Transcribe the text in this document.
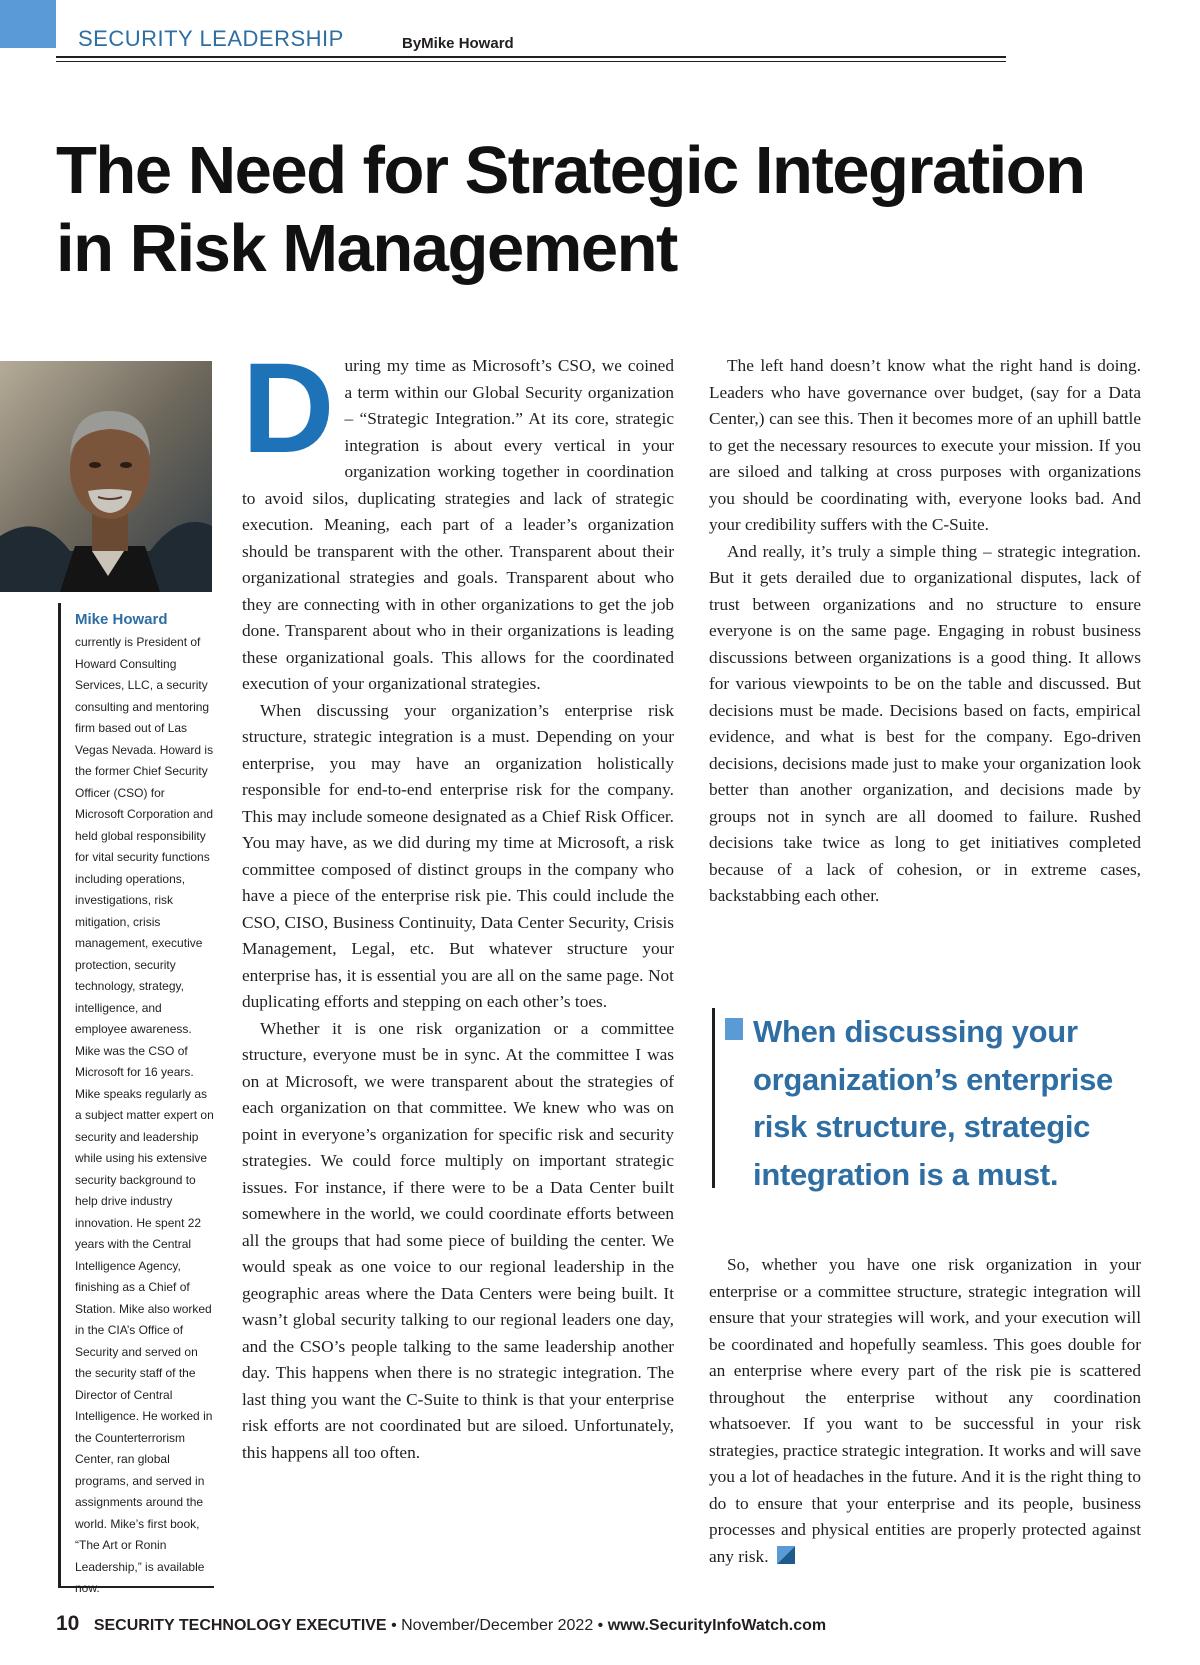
SECURITY LEADERSHIP	ByMike Howard
The Need for Strategic Integration
in Risk Management
Mike Howard
currently is President of Howard Consulting Services, LLC, a security consulting and mentoring firm based out of Las Vegas Nevada. Howard is the former Chief Security Officer (CSO) for Microsoft Corporation and held global responsibility for vital security functions including operations, investigations, risk mitigation, crisis management, executive protection, security technology, strategy, intelligence, and employee awareness. Mike was the CSO of Microsoft for 16 years. Mike speaks regularly as a subject matter expert on security and leadership while using his extensive security background to help drive industry innovation. He spent 22 years with the Central Intelligence Agency, finishing as a Chief of Station. Mike also worked in the CIA’s Office of Security and served on the security staff of the Director of Central Intelligence. He worked in the Counterterrorism Center, ran global programs, and served in assignments around the world. Mike’s first book, “The Art or Ronin Leadership,” is available now.

During my time as Microsoft’s CSO, we coined a term within our Global Security organization – “Strategic Integration.” At its core, strategic integration is about every vertical in your organization working together in coordination to avoid silos, duplicating strategies and lack of strategic execution. Meaning, each part of a leader’s organization should be transparent with the other. Transparent about their organizational strategies and goals. Transparent about who they are connecting with in other organizations to get the job done. Transparent about who in their organizations is leading these organizational goals. This allows for the coordinated execution of your organizational strategies.

When discussing your organization’s enterprise risk structure, strategic integration is a must. Depending on your enterprise, you may have an organization holistically responsible for end-to-end enterprise risk for the company. This may include someone designated as a Chief Risk Officer. You may have, as we did during my time at Microsoft, a risk committee composed of distinct groups in the company who have a piece of the enterprise risk pie. This could include the CSO, CISO, Business Continuity, Data Center Security, Crisis Management, Legal, etc. But whatever structure your enterprise has, it is essential you are all on the same page. Not duplicating efforts and stepping on each other’s toes.

Whether it is one risk organization or a committee structure, everyone must be in sync. At the committee I was on at Microsoft, we were transparent about the strategies of each organization on that committee. We knew who was on point in everyone’s organization for specific risk and security strategies. We could force multiply on important strategic issues. For instance, if there were to be a Data Center built somewhere in the world, we could coordinate efforts between all the groups that had some piece of building the center. We would speak as one voice to our regional leadership in the geographic areas where the Data Centers were being built. It wasn’t global security talking to our regional leaders one day, and the CSO’s people talking to the same leadership another day. This happens when there is no strategic integration. The last thing you want the C-Suite to think is that your enterprise risk efforts are not coordinated but are siloed. Unfortunately, this happens all too often.

The left hand doesn’t know what the right hand is doing. Leaders who have governance over budget, (say for a Data Center,) can see this. Then it becomes more of an uphill battle to get the necessary resources to execute your mission. If you are siloed and talking at cross purposes with organizations you should be coordinating with, everyone looks bad. And your credibility suffers with the C-Suite.

And really, it’s truly a simple thing – strategic integration. But it gets derailed due to organizational disputes, lack of trust between organizations and no structure to ensure everyone is on the same page. Engaging in robust business discussions between organizations is a good thing. It allows for various viewpoints to be on the table and discussed. But decisions must be made. Decisions based on facts, empirical evidence, and what is best for the company. Ego-driven decisions, decisions made just to make your organization look better than another organization, and decisions made by groups not in synch are all doomed to failure. Rushed decisions take twice as long to get initiatives completed because of a lack of cohesion, or in extreme cases, backstabbing each other.

When discussing your organization’s enterprise risk structure, strategic integration is a must.

So, whether you have one risk organization in your enterprise or a committee structure, strategic integration will ensure that your strategies will work, and your execution will be coordinated and hopefully seamless. This goes double for an enterprise where every part of the risk pie is scattered throughout the enterprise without any coordination whatsoever. If you want to be successful in your risk strategies, practice strategic integration. It works and will save you a lot of headaches in the future. And it is the right thing to do to ensure that your enterprise and its people, business processes and physical entities are properly protected against any risk.

10 SECURITY TECHNOLOGY EXECUTIVE • November/December 2022 • www.SecurityInfoWatch.com
